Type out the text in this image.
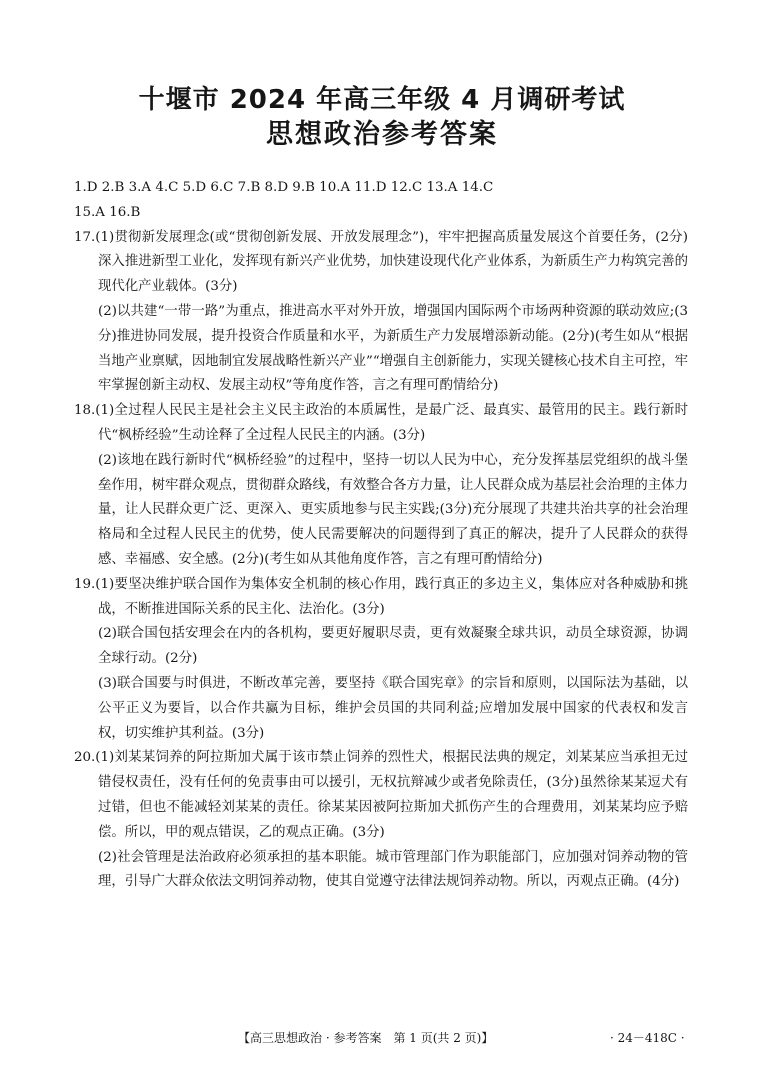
十堰市 2024 年高三年级 4 月调研考试
思想政治参考答案

1.D 2.B 3.A 4.C 5.D 6.C 7.B 8.D 9.B 10.A 11.D 12.C 13.A 14.C

15.A 16.B

17.(1)贯彻新发展理念(或“贯彻创新发展、开放发展理念”)，牢牢把握高质量发展这个首要任务，(2分)深入推进新型工业化，发挥现有新兴产业优势，加快建设现代化产业体系，为新质生产力构筑完善的现代化产业载体。(3分)

(2)以共建“一带一路”为重点，推进高水平对外开放，增强国内国际两个市场两种资源的联动效应;(3分)推进协同发展，提升投资合作质量和水平，为新质生产力发展增添新动能。(2分)(考生如从“根据当地产业禀赋，因地制宜发展战略性新兴产业”“增强自主创新能力，实现关键核心技术自主可控，牢牢掌握创新主动权、发展主动权”等角度作答，言之有理可酌情给分)

18.(1)全过程人民民主是社会主义民主政治的本质属性，是最广泛、最真实、最管用的民主。践行新时代“枫桥经验”生动诠释了全过程人民民主的内涵。(3分)

(2)该地在践行新时代“枫桥经验”的过程中，坚持一切以人民为中心，充分发挥基层党组织的战斗堡垒作用，树牢群众观点，贯彻群众路线，有效整合各方力量，让人民群众成为基层社会治理的主体力量，让人民群众更广泛、更深入、更实质地参与民主实践;(3分)充分展现了共建共治共享的社会治理格局和全过程人民民主的优势，使人民需要解决的问题得到了真正的解决，提升了人民群众的获得感、幸福感、安全感。(2分)(考生如从其他角度作答，言之有理可酌情给分)

19.(1)要坚决维护联合国作为集体安全机制的核心作用，践行真正的多边主义，集体应对各种威胁和挑战，不断推进国际关系的民主化、法治化。(3分)

(2)联合国包括安理会在内的各机构，要更好履职尽责，更有效凝聚全球共识，动员全球资源，协调全球行动。(2分)

(3)联合国要与时俱进，不断改革完善，要坚持《联合国宪章》的宗旨和原则，以国际法为基础，以公平正义为要旨，以合作共赢为目标，维护会员国的共同利益;应增加发展中国家的代表权和发言权，切实维护其利益。(3分)

20.(1)刘某某饲养的阿拉斯加犬属于该市禁止饲养的烈性犬，根据民法典的规定，刘某某应当承担无过错侵权责任，没有任何的免责事由可以援引，无权抗辩减少或者免除责任，(3分)虽然徐某某逗犬有过错，但也不能减轻刘某某的责任。徐某某因被阿拉斯加犬抓伤产生的合理费用，刘某某均应予赔偿。所以，甲的观点错误，乙的观点正确。(3分)

(2)社会管理是法治政府必须承担的基本职能。城市管理部门作为职能部门，应加强对饲养动物的管理，引导广大群众依法文明饲养动物，使其自觉遵守法律法规饲养动物。所以，丙观点正确。(4分)

【高三思想政治 · 参考答案　第 1 页(共 2 页)】	· 24－418C ·
